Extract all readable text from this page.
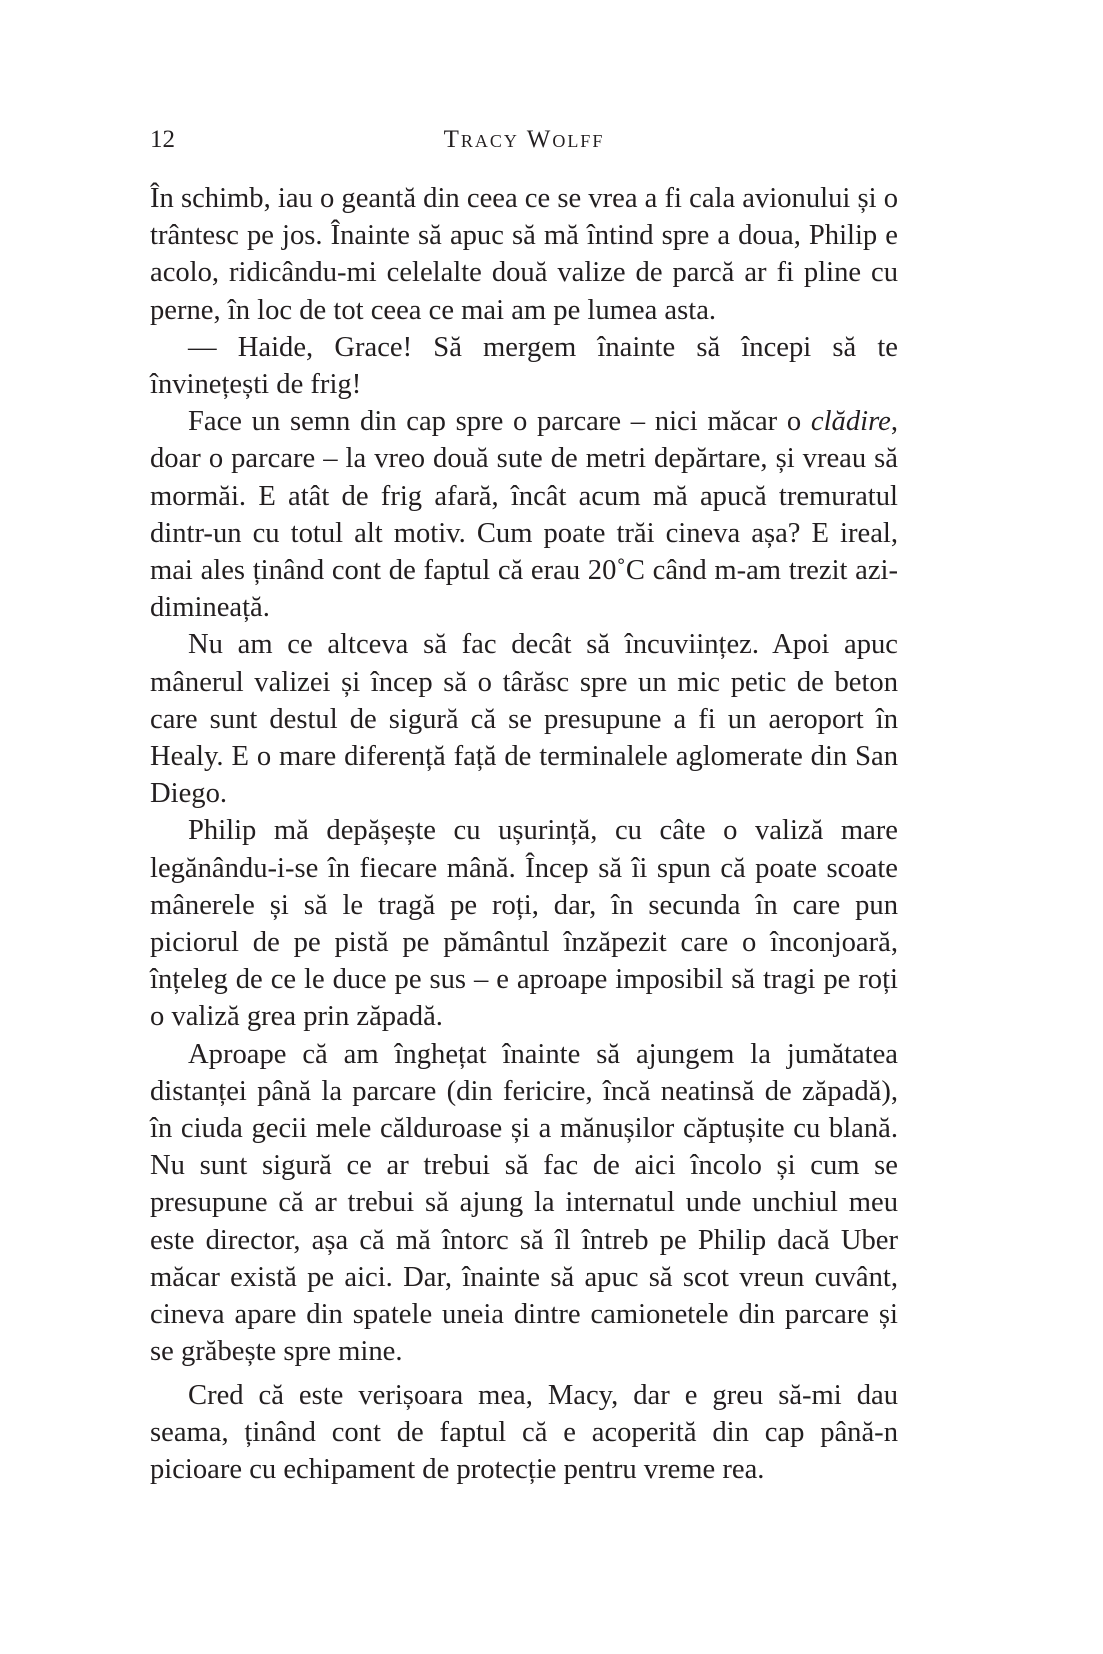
12	Tracy Wolff

În schimb, iau o geantă din ceea ce se vrea a fi cala avionului și o trântesc pe jos. Înainte să apuc să mă întind spre a doua, Philip e acolo, ridicându-mi celelalte două valize de parcă ar fi pline cu perne, în loc de tot ceea ce mai am pe lumea asta.

— Haide, Grace! Să mergem înainte să începi să te învinețești de frig!

Face un semn din cap spre o parcare – nici măcar o clădire, doar o parcare – la vreo două sute de metri depărtare, și vreau să mormăi. E atât de frig afară, încât acum mă apucă tremuratul dintr-un cu totul alt motiv. Cum poate trăi cineva așa? E ireal, mai ales ținând cont de faptul că erau 20˚C când m-am trezit azi-dimineață.

Nu am ce altceva să fac decât să încuviințez. Apoi apuc mânerul valizei și încep să o târăsc spre un mic petic de beton care sunt destul de sigură că se presupune a fi un aeroport în Healy. E o mare diferență față de terminalele aglomerate din San Diego.

Philip mă depășește cu ușurință, cu câte o valiză mare legănându-i-se în fiecare mână. Încep să îi spun că poate scoate mânerele și să le tragă pe roți, dar, în secunda în care pun piciorul de pe pistă pe pământul înzăpezit care o înconjoară, înțeleg de ce le duce pe sus – e aproape imposibil să tragi pe roți o valiză grea prin zăpadă.

Aproape că am înghețat înainte să ajungem la jumătatea distanței până la parcare (din fericire, încă neatinsă de zăpadă), în ciuda gecii mele călduroase și a mănușilor căptușite cu blană. Nu sunt sigură ce ar trebui să fac de aici încolo și cum se presupune că ar trebui să ajung la internatul unde unchiul meu este director, așa că mă întorc să îl întreb pe Philip dacă Uber măcar există pe aici. Dar, înainte să apuc să scot vreun cuvânt, cineva apare din spatele uneia dintre camionetele din parcare și se grăbește spre mine.

Cred că este verișoara mea, Macy, dar e greu să-mi dau seama, ținând cont de faptul că e acoperită din cap până-n picioare cu echipament de protecție pentru vreme rea.
